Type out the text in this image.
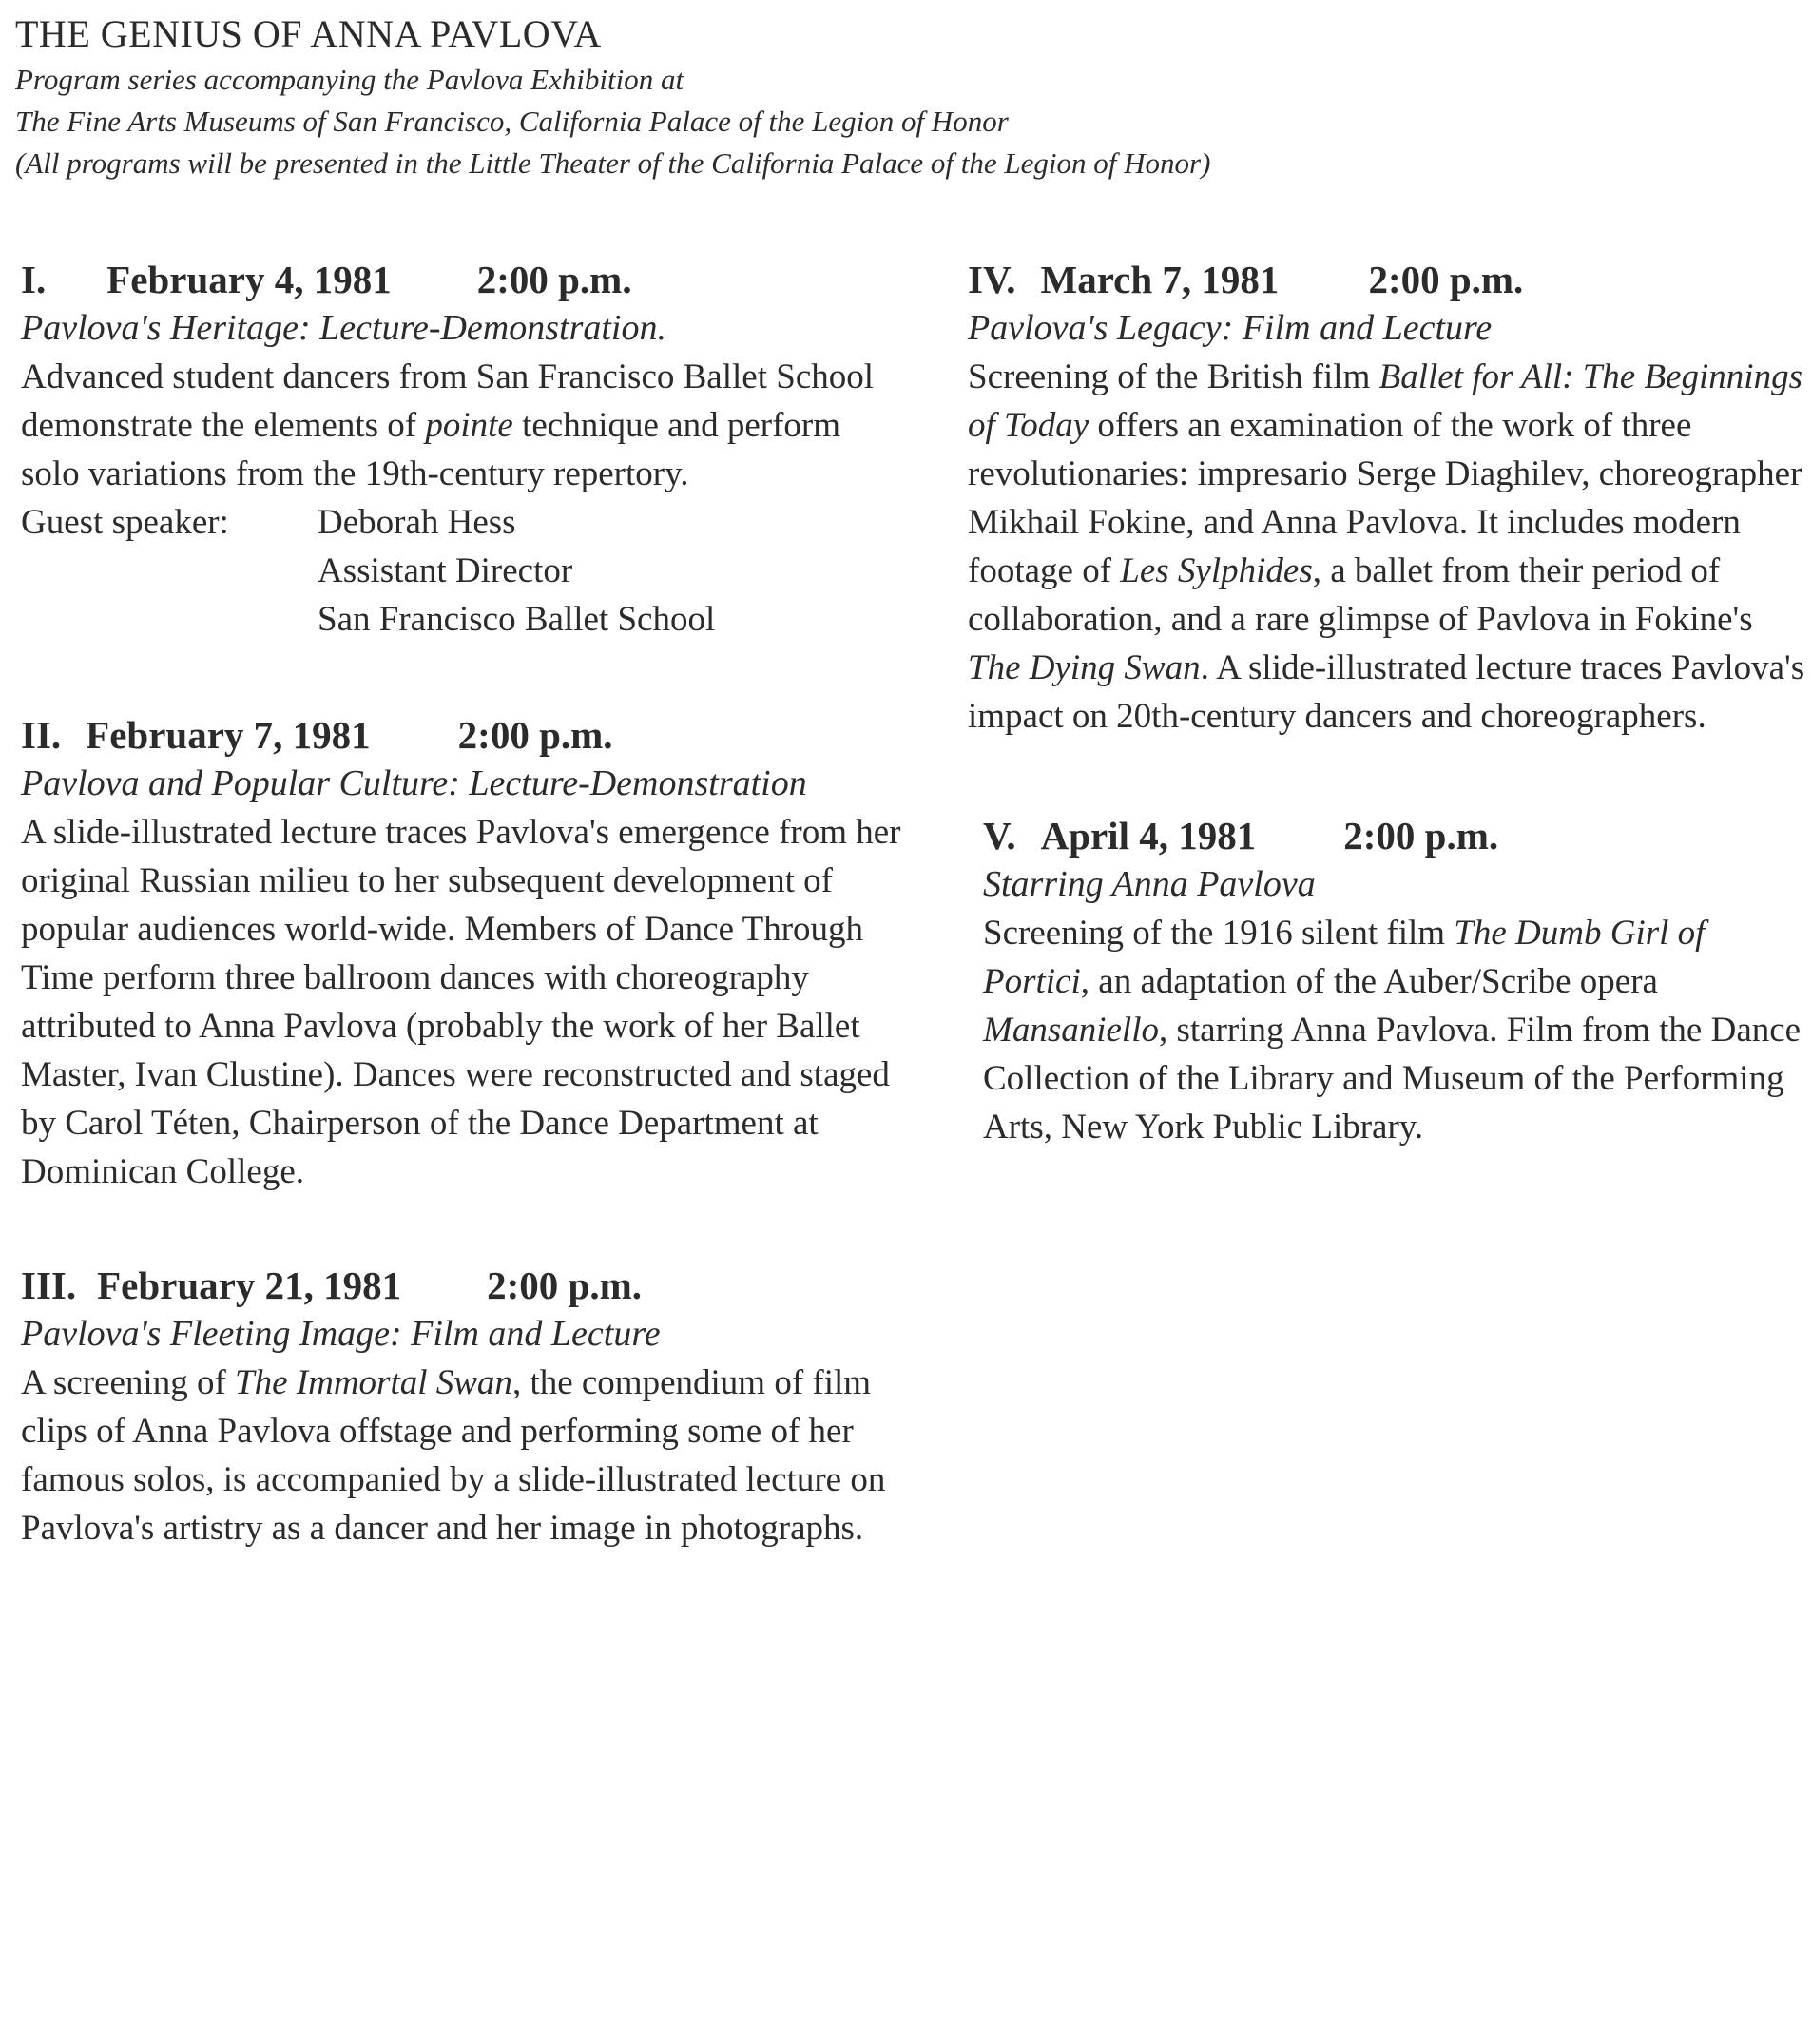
THE GENIUS OF ANNA PAVLOVA

Program series accompanying the Pavlova Exhibition at

The Fine Arts Museums of San Francisco, California Palace of the Legion of Honor

(All programs will be presented in the Little Theater of the California Palace of the Legion of Honor)

I. February 4, 1981 2:00 p.m.
Pavlova's Heritage: Lecture-Demonstration.
Advanced student dancers from San Francisco Ballet School demonstrate the elements of pointe technique and perform solo variations from the 19th-century repertory.
Guest speaker:	Deborah Hess
Assistant Director
San Francisco Ballet School
II. February 7, 1981 2:00 p.m.
Pavlova and Popular Culture: Lecture-Demonstration
A slide-illustrated lecture traces Pavlova's emergence from her original Russian milieu to her subsequent development of popular audiences world-wide. Members of Dance Through Time perform three ballroom dances with choreography attributed to Anna Pavlova (probably the work of her Ballet Master, Ivan Clustine). Dances were reconstructed and staged by Carol Téten, Chairperson of the Dance Department at Dominican College.
III. February 21, 1981 2:00 p.m.
Pavlova's Fleeting Image: Film and Lecture
A screening of The Immortal Swan, the compendium of film clips of Anna Pavlova offstage and performing some of her famous solos, is accompanied by a slide-illustrated lecture on Pavlova's artistry as a dancer and her image in photographs.
IV. March 7, 1981 2:00 p.m.
Pavlova's Legacy: Film and Lecture
Screening of the British film Ballet for All: The Beginnings of Today offers an examination of the work of three revolutionaries: impresario Serge Diaghilev, choreographer Mikhail Fokine, and Anna Pavlova. It includes modern footage of Les Sylphides, a ballet from their period of collaboration, and a rare glimpse of Pavlova in Fokine's The Dying Swan. A slide-illustrated lecture traces Pavlova's impact on 20th-century dancers and choreographers.
V. April 4, 1981 2:00 p.m.
Starring Anna Pavlova
Screening of the 1916 silent film The Dumb Girl of Portici, an adaptation of the Auber/Scribe opera Mansaniello, starring Anna Pavlova. Film from the Dance Collection of the Library and Museum of the Performing Arts, New York Public Library.
